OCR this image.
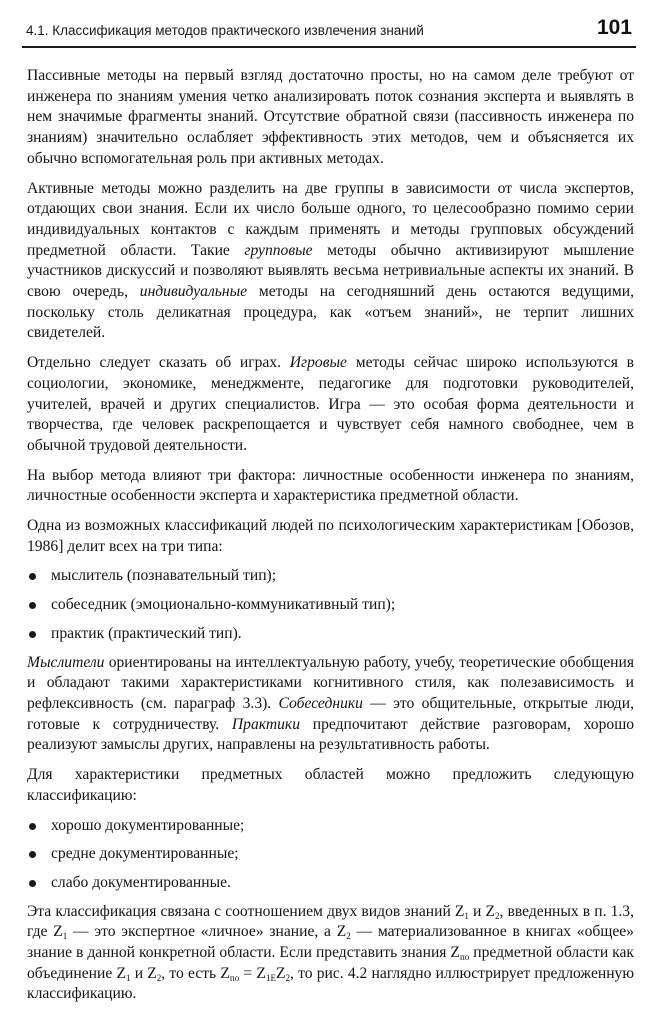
4.1. Классификация методов практического извлечения знаний	101

Пассивные методы на первый взгляд достаточно просты, но на самом деле требуют от инженера по знаниям умения четко анализировать поток сознания эксперта и выявлять в нем значимые фрагменты знаний. Отсутствие обратной связи (пассивность инженера по знаниям) значительно ослабляет эффективность этих методов, чем и объясняется их обычно вспомогательная роль при активных методах.

Активные методы можно разделить на две группы в зависимости от числа экспертов, отдающих свои знания. Если их число больше одного, то целесообразно помимо серии индивидуальных контактов с каждым применять и методы групповых обсуждений предметной области. Такие групповые методы обычно активизируют мышление участников дискуссий и позволяют выявлять весьма нетривиальные аспекты их знаний. В свою очередь, индивидуальные методы на сегодняшний день остаются ведущими, поскольку столь деликатная процедура, как «отъем знаний», не терпит лишних свидетелей.

Отдельно следует сказать об играх. Игровые методы сейчас широко используются в социологии, экономике, менеджменте, педагогике для подготовки руководителей, учителей, врачей и других специалистов. Игра — это особая форма деятельности и творчества, где человек раскрепощается и чувствует себя намного свободнее, чем в обычной трудовой деятельности.

На выбор метода влияют три фактора: личностные особенности инженера по знаниям, личностные особенности эксперта и характеристика предметной области.

Одна из возможных классификаций людей по психологическим характеристикам [Обозов, 1986] делит всех на три типа:

мыслитель (познавательный тип);
собеседник (эмоционально-коммуникативный тип);
практик (практический тип).

Мыслители ориентированы на интеллектуальную работу, учебу, теоретические обобщения и обладают такими характеристиками когнитивного стиля, как полезависимость и рефлексивность (см. параграф 3.3). Собеседники — это общительные, открытые люди, готовые к сотрудничеству. Практики предпочитают действие разговорам, хорошо реализуют замыслы других, направлены на результативность работы.

Для характеристики предметных областей можно предложить следующую классификацию:

хорошо документированные;
средне документированные;
слабо документированные.

Эта классификация связана с соотношением двух видов знаний $Z_1$ и $Z_2$, введенных в п. 1.3, где $Z_1$ — это экспертное «личное» знание, а $Z_2$ — материализованное в книгах «общее» знание в данной конкретной области. Если представить знания $Z_{по}$ предметной области как объединение $Z_1$ и $Z_2$, то есть $Z_{по} = Z_{1E}Z_2$, то рис. 4.2 наглядно иллюстрирует предложенную классификацию.
